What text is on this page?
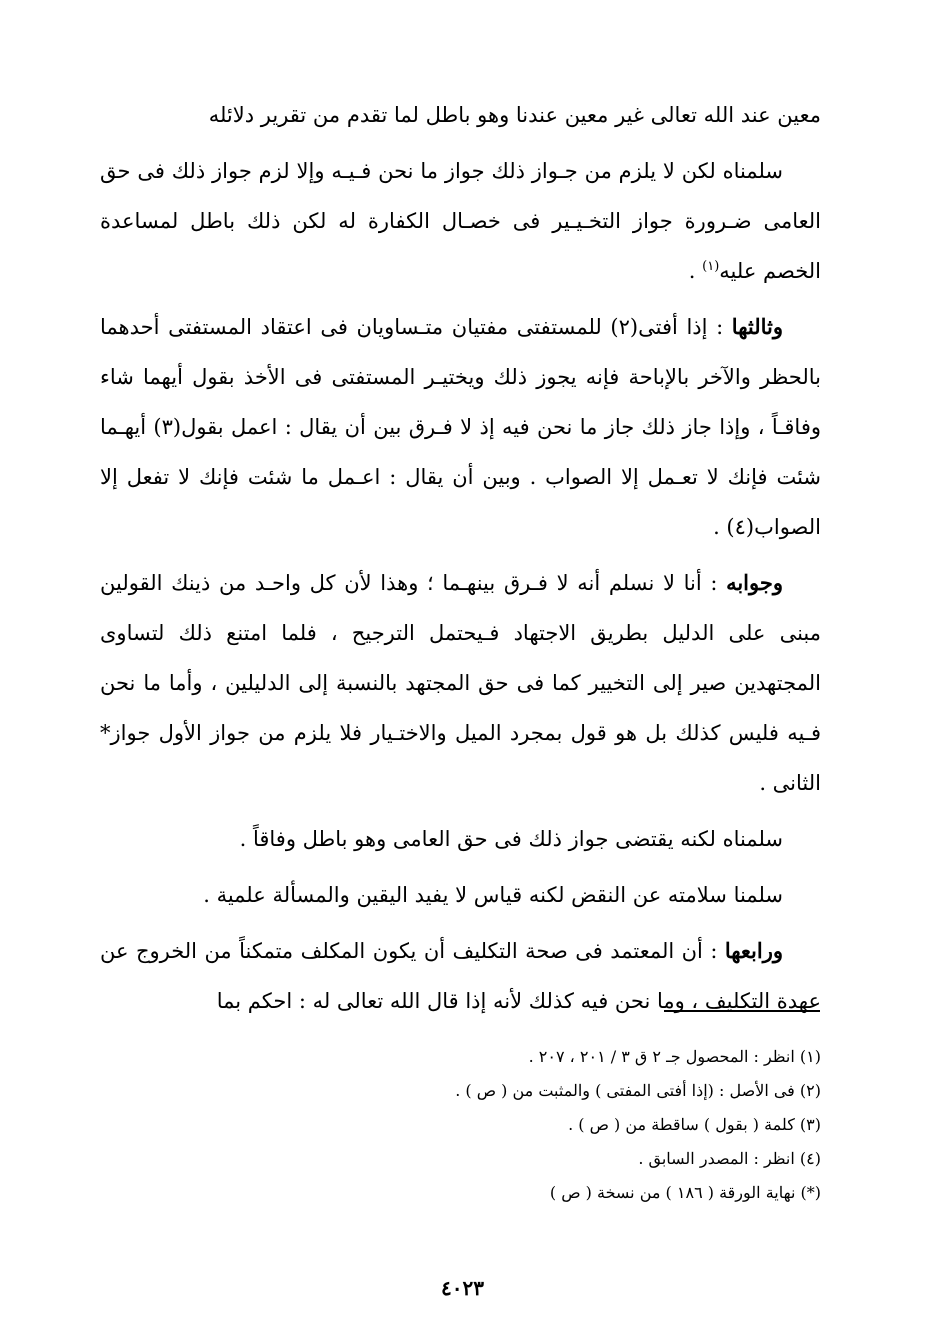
معين عند الله تعالى غير معين عندنا وهو باطل لما تقدم من تقرير دلائله

سلمناه لكن لا يلزم من جـواز ذلك جواز ما نحن فـيـه وإلا لزم جواز ذلك فى حق العامى ضـرورة جواز التخـيـير فى خصـال الكفارة له لكن ذلك باطل لمساعدة الخصم عليه$^{(١)}$ .

وثالثها : إذا أفتى(٢) للمستفتى مفتيان متـساويان فى اعتقاد المستفتى أحدهما بالحظر والآخر بالإباحة فإنه يجوز ذلك ويختيـر المستفتى فى الأخذ بقول أيهما شاء وفاقـاً ، وإذا جاز ذلك جاز ما نحن فيه إذ لا فـرق بين أن يقال : اعمل بقول(٣) أيهـما شئت فإنك لا تعـمل إلا الصواب . وبين أن يقال : اعـمل ما شئت فإنك لا تفعل إلا الصواب(٤) .

وجوابه : أنا لا نسلم أنه لا فـرق بينهـما ؛ وهذا لأن كل واحـد من ذينك القولين مبنى على الدليل بطريق الاجتهاد فـيحتمل الترجيح ، فلما امتنع ذلك لتساوى المجتهدين صير إلى التخيير كما فى حق المجتهد بالنسبة إلى الدليلين ، وأما ما نحن فـيه فليس كذلك بل هو قول بمجرد الميل والاختـيار فلا يلزم من جواز الأول جواز* الثانى .

سلمناه لكنه يقتضى جواز ذلك فى حق العامى وهو باطل وفاقاً .

سلمنا سلامته عن النقض لكنه قياس لا يفيد اليقين والمسألة علمية .

ورابعها : أن المعتمد فى صحة التكليف أن يكون المكلف متمكناً من الخروج عن عهدة التكليف ، وما نحن فيه كذلك لأنه إذا قال الله تعالى له : احكم بما

(١) انظر : المحصول جـ ٢ ق ٣ / ٢٠١ ، ٢٠٧ .
(٢) فى الأصل : (إذا أفتى المفتى ) والمثبت من ( ص ) .
(٣) كلمة ( بقول ) ساقطة من ( ص ) .
(٤) انظر : المصدر السابق .
(*) نهاية الورقة ( ١٨٦ ) من نسخة ( ص )
٤٠٢٣
